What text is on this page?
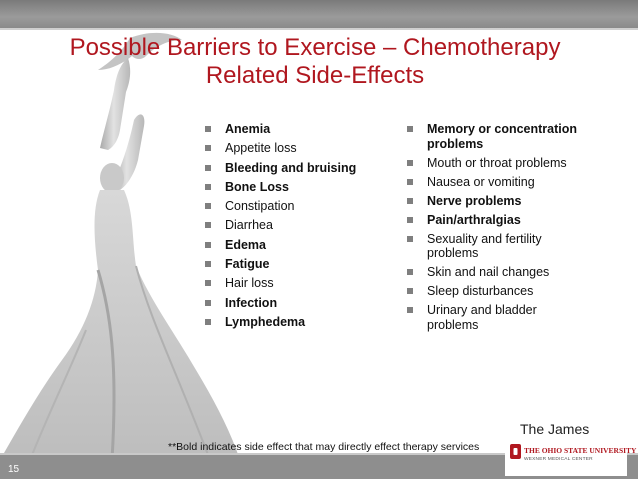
Possible Barriers to Exercise – Chemotherapy
Related Side-Effects
Anemia
Appetite loss
Bleeding and bruising
Bone Loss
Constipation
Diarrhea
Edema
Fatigue
Hair loss
Infection
Lymphedema
Memory or concentration problems
Mouth or throat problems
Nausea or vomiting
Nerve problems
Pain/arthralgias
Sexuality and fertility problems
Skin and nail changes
Sleep disturbances
Urinary and bladder problems
**Bold indicates side effect that may directly effect therapy services
15
The James
THE OHIO STATE UNIVERSITY
WEXNER MEDICAL CENTER
